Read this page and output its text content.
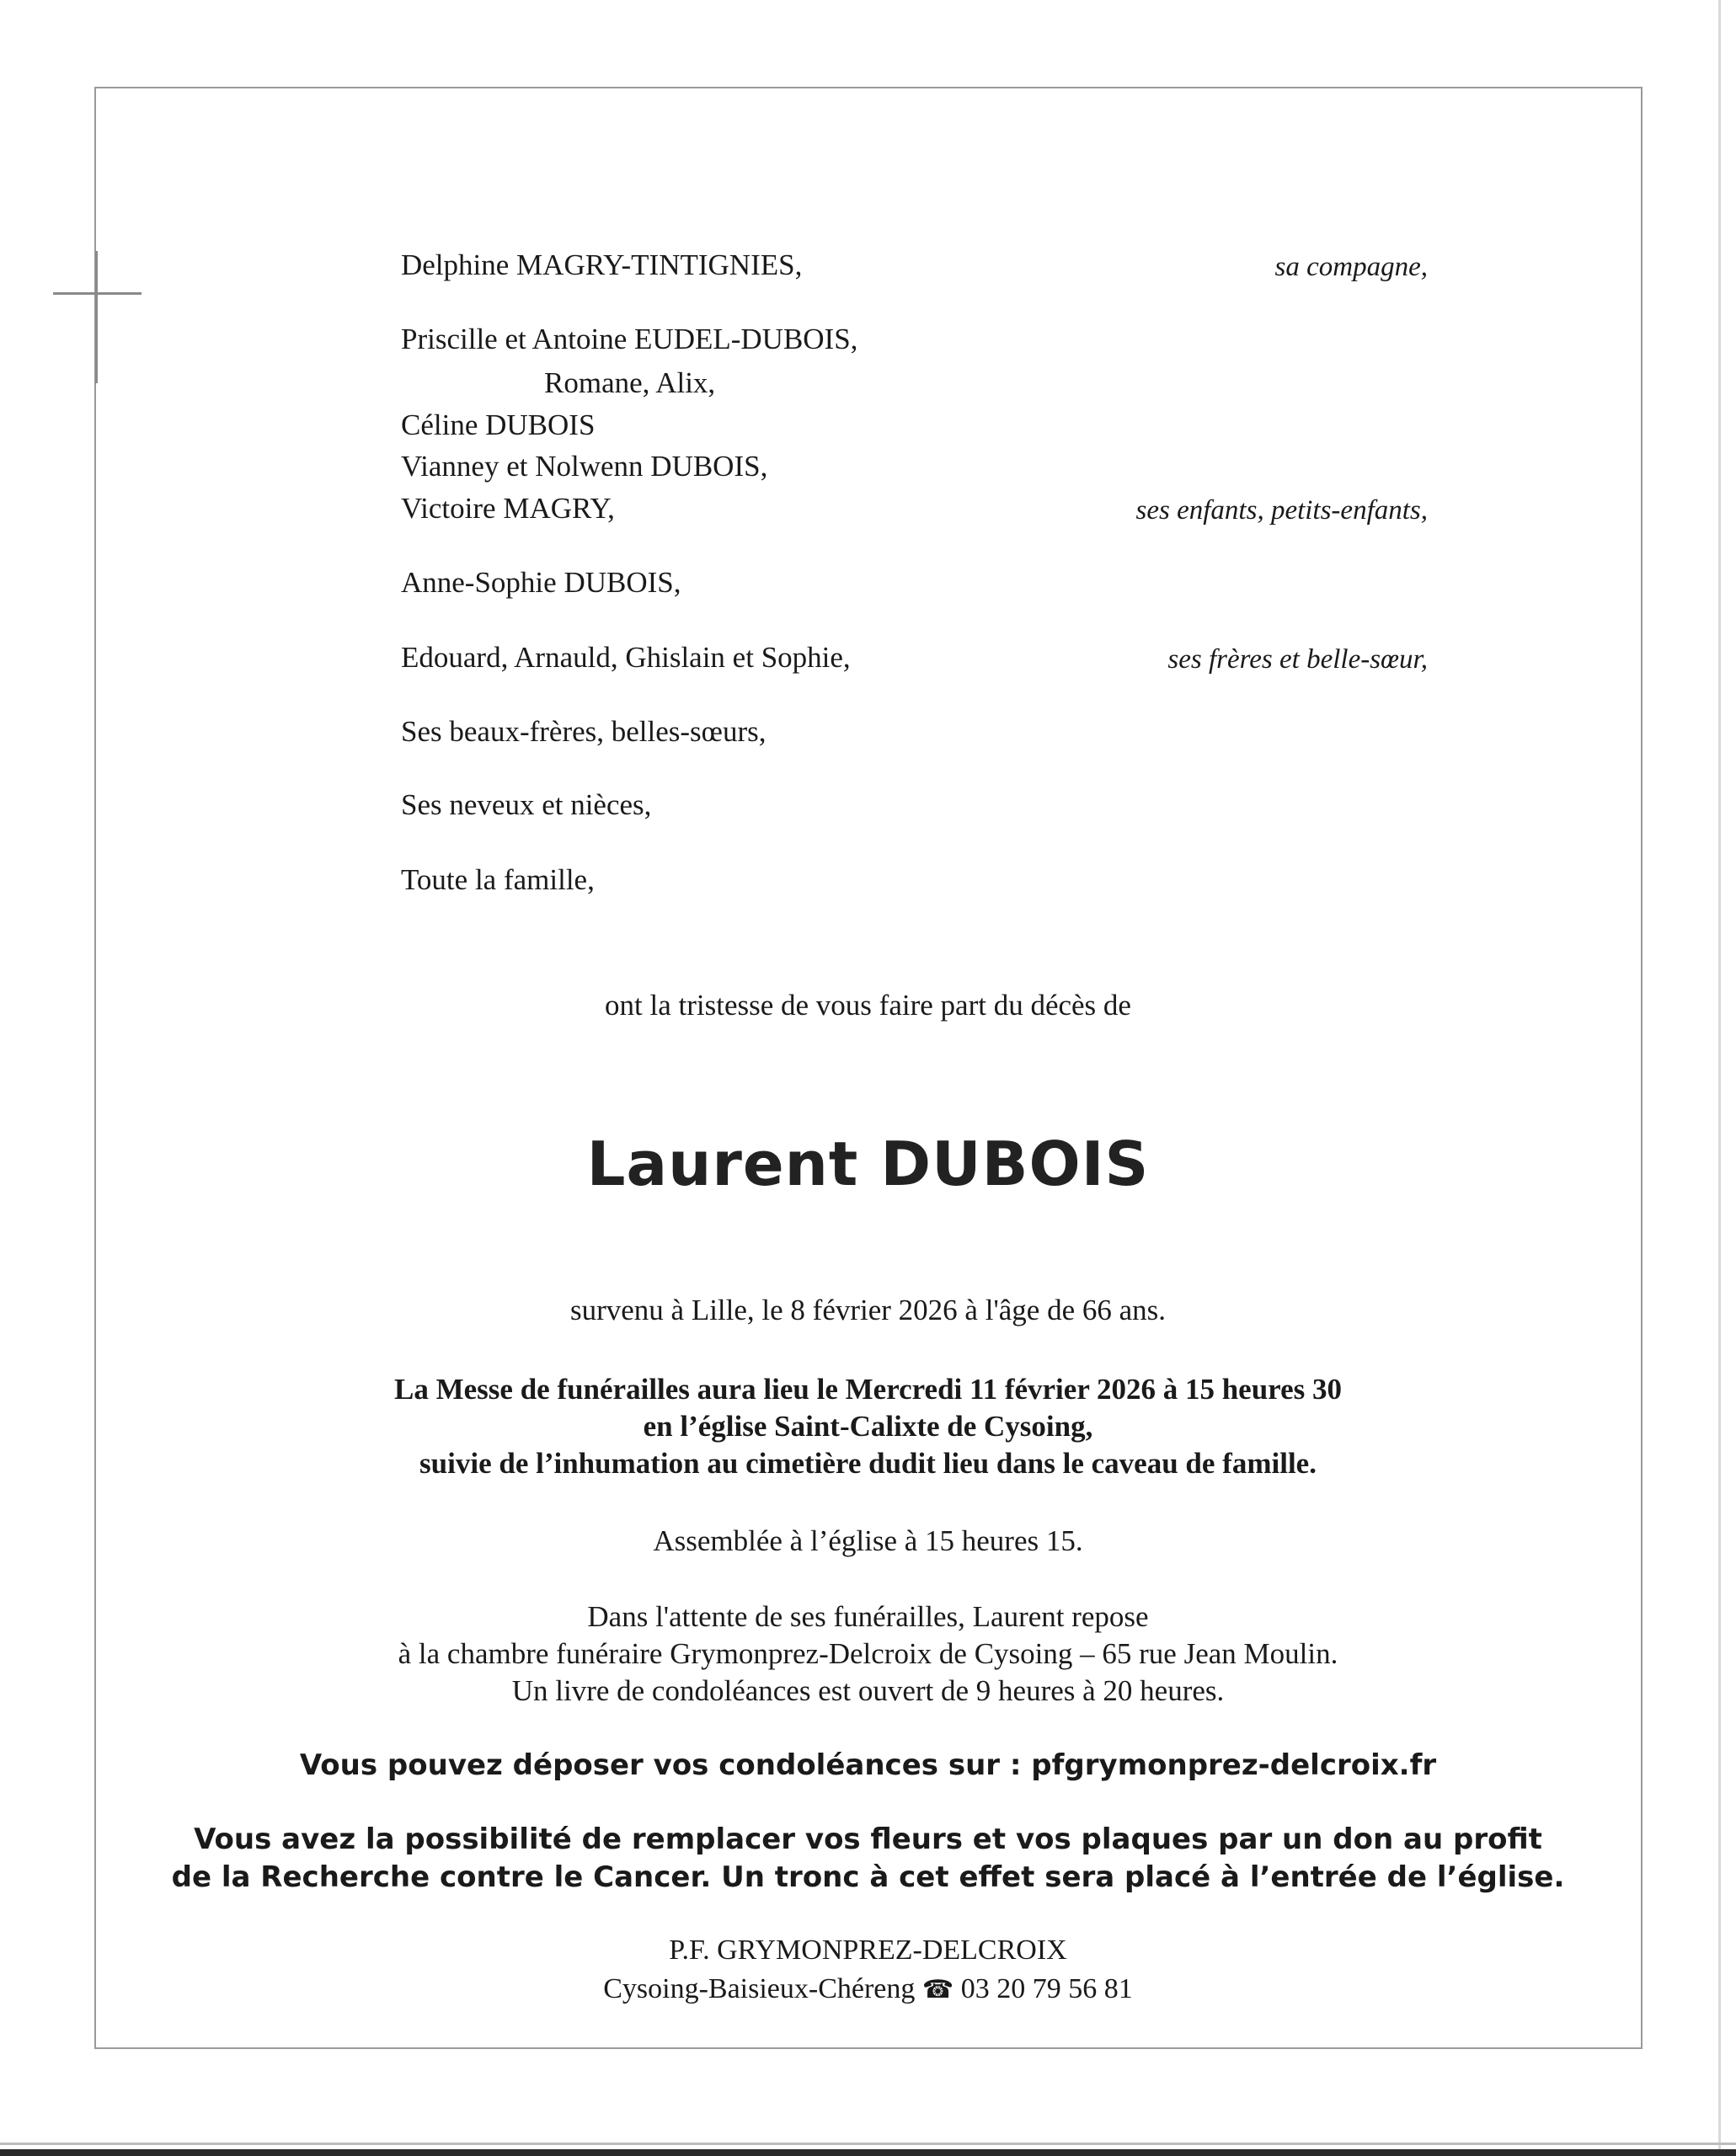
Delphine MAGRY-TINTIGNIES,	sa compagne,
Priscille et Antoine EUDEL-DUBOIS,
Romane, Alix,
Céline DUBOIS
Vianney et Nolwenn DUBOIS,
Victoire MAGRY,	ses enfants, petits-enfants,
Anne-Sophie DUBOIS,
Edouard, Arnauld, Ghislain et Sophie,	ses frères et belle-sœur,
Ses beaux-frères, belles-sœurs,
Ses neveux et nièces,
Toute la famille,
ont la tristesse de vous faire part du décès de
Laurent DUBOIS
survenu à Lille, le 8 février 2026 à l'âge de 66 ans.
La Messe de funérailles aura lieu le Mercredi 11 février 2026 à 15 heures 30
en l’église Saint-Calixte de Cysoing,
suivie de l’inhumation au cimetière dudit lieu dans le caveau de famille.
Assemblée à l’église à 15 heures 15.
Dans l'attente de ses funérailles, Laurent repose
à la chambre funéraire Grymonprez-Delcroix de Cysoing – 65 rue Jean Moulin.
Un livre de condoléances est ouvert de 9 heures à 20 heures.
Vous pouvez déposer vos condoléances sur : pfgrymonprez-delcroix.fr
Vous avez la possibilité de remplacer vos fleurs et vos plaques par un don au profit
de la Recherche contre le Cancer. Un tronc à cet effet sera placé à l’entrée de l’église.
P.F. GRYMONPREZ-DELCROIX
Cysoing-Baisieux-Chéreng ☎ 03 20 79 56 81
